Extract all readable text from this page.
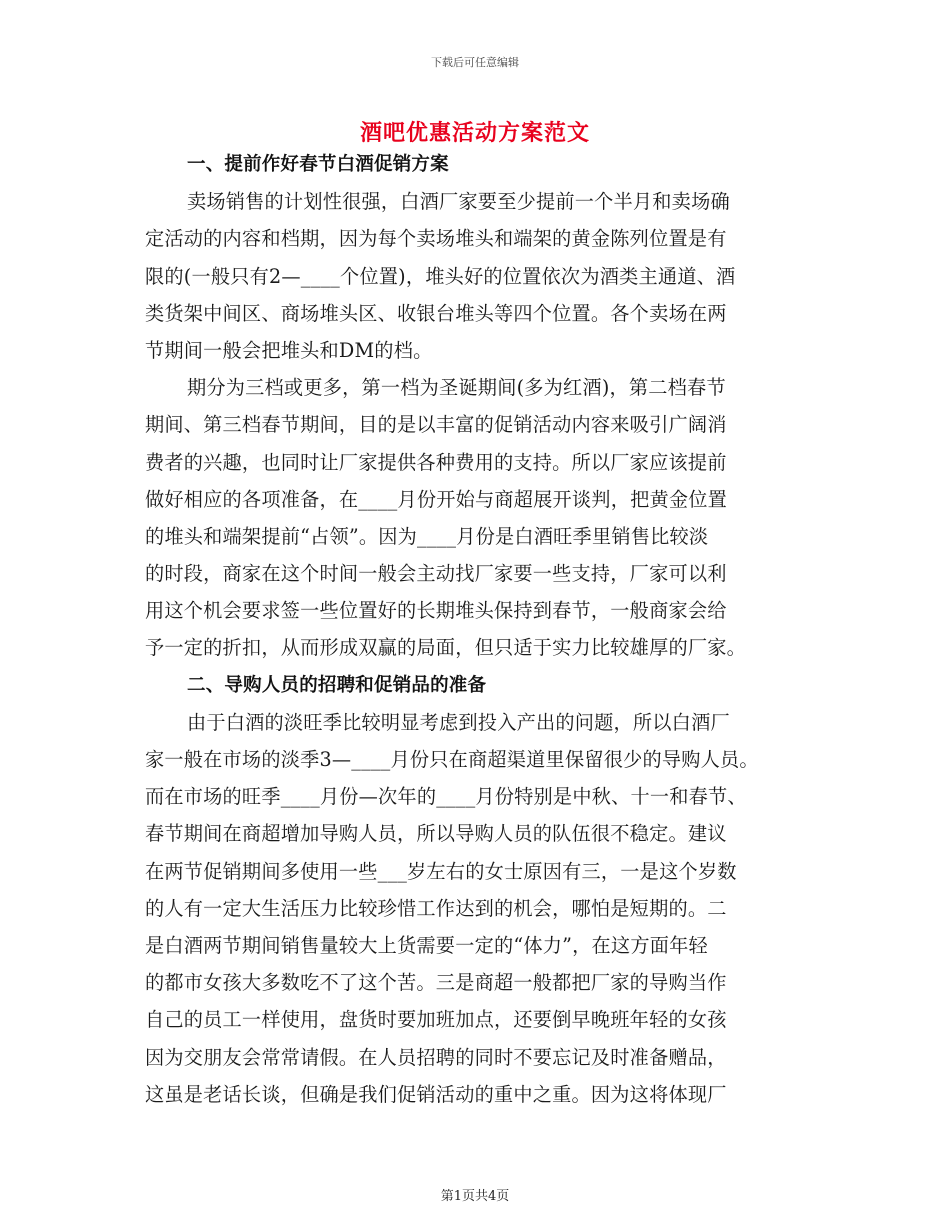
下载后可任意编辑
酒吧优惠活动方案范文
一、提前作好春节白酒促销方案
卖场销售的计划性很强，白酒厂家要至少提前一个半月和卖场确
定活动的内容和档期，因为每个卖场堆头和端架的黄金陈列位置是有
限的(一般只有2—____个位置)，堆头好的位置依次为酒类主通道、酒
类货架中间区、商场堆头区、收银台堆头等四个位置。各个卖场在两
节期间一般会把堆头和DM的档。
期分为三档或更多，第一档为圣诞期间(多为红酒)，第二档春节
期间、第三档春节期间，目的是以丰富的促销活动内容来吸引广阔消
费者的兴趣，也同时让厂家提供各种费用的支持。所以厂家应该提前
做好相应的各项准备，在____月份开始与商超展开谈判，把黄金位置
的堆头和端架提前“占领”。因为____月份是白酒旺季里销售比较淡
的时段，商家在这个时间一般会主动找厂家要一些支持，厂家可以利
用这个机会要求签一些位置好的长期堆头保持到春节，一般商家会给
予一定的折扣，从而形成双赢的局面，但只适于实力比较雄厚的厂家。
二、导购人员的招聘和促销品的准备
由于白酒的淡旺季比较明显考虑到投入产出的问题，所以白酒厂
家一般在市场的淡季3—____月份只在商超渠道里保留很少的导购人员。
而在市场的旺季____月份—次年的____月份特别是中秋、十一和春节、
春节期间在商超增加导购人员，所以导购人员的队伍很不稳定。建议
在两节促销期间多使用一些___岁左右的女士原因有三，一是这个岁数
的人有一定大生活压力比较珍惜工作达到的机会，哪怕是短期的。二
是白酒两节期间销售量较大上货需要一定的“体力”，在这方面年轻
的都市女孩大多数吃不了这个苦。三是商超一般都把厂家的导购当作
自己的员工一样使用，盘货时要加班加点，还要倒早晚班年轻的女孩
因为交朋友会常常请假。在人员招聘的同时不要忘记及时准备赠品，
这虽是老话长谈，但确是我们促销活动的重中之重。因为这将体现厂
第1页共4页
